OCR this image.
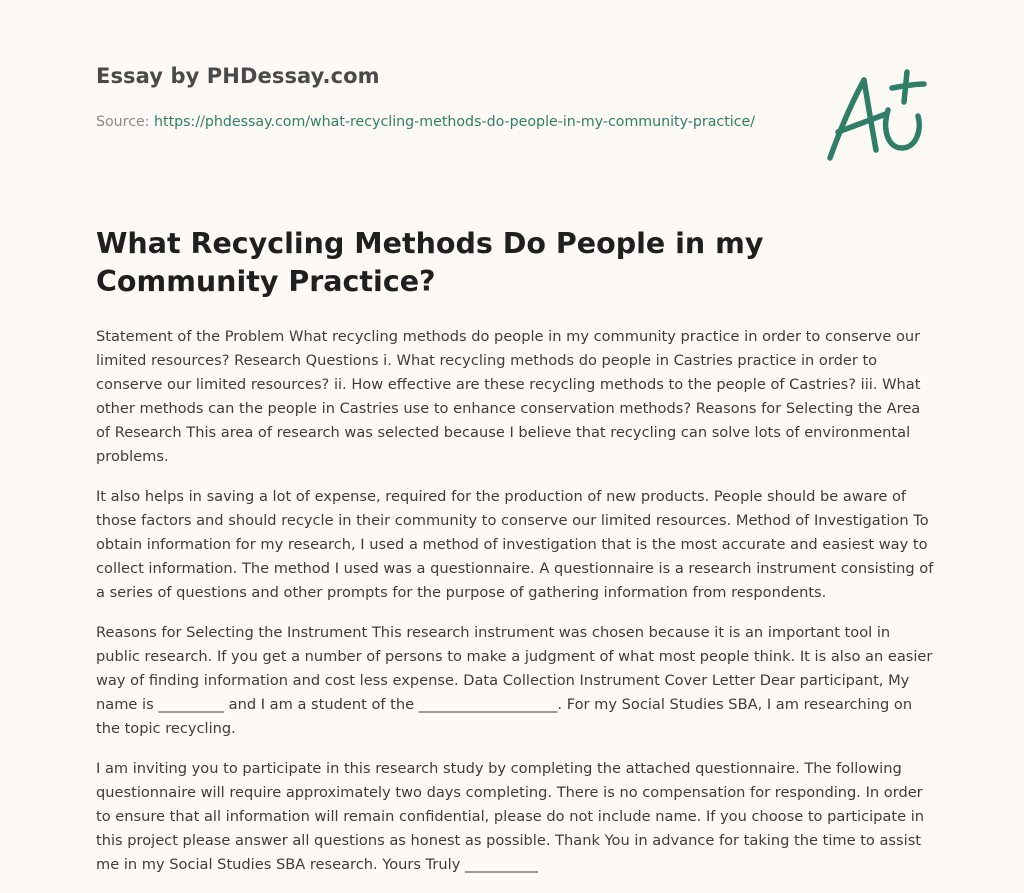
Essay by PHDessay.com
Source: https://phdessay.com/what-recycling-methods-do-people-in-my-community-practice/
What Recycling Methods Do People in my Community Practice?

Statement of the Problem What recycling methods do people in my community practice in order to conserve our limited resources? Research Questions i. What recycling methods do people in Castries practice in order to conserve our limited resources? ii. How effective are these recycling methods to the people of Castries? iii. What other methods can the people in Castries use to enhance conservation methods? Reasons for Selecting the Area of Research This area of research was selected because I believe that recycling can solve lots of environmental problems.

It also helps in saving a lot of expense, required for the production of new products. People should be aware of those factors and should recycle in their community to conserve our limited resources. Method of Investigation To obtain information for my research, I used a method of investigation that is the most accurate and easiest way to collect information. The method I used was a questionnaire. A questionnaire is a research instrument consisting of a series of questions and other prompts for the purpose of gathering information from respondents.

Reasons for Selecting the Instrument This research instrument was chosen because it is an important tool in public research. If you get a number of persons to make a judgment of what most people think. It is also an easier way of finding information and cost less expense. Data Collection Instrument Cover Letter Dear participant, My name is _________ and I am a student of the ___________________. For my Social Studies SBA, I am researching on the topic recycling.

I am inviting you to participate in this research study by completing the attached questionnaire. The following questionnaire will require approximately two days completing. There is no compensation for responding. In order to ensure that all information will remain confidential, please do not include name. If you choose to participate in this project please answer all questions as honest as possible. Thank You in advance for taking the time to assist me in my Social Studies SBA research. Yours Truly __________
